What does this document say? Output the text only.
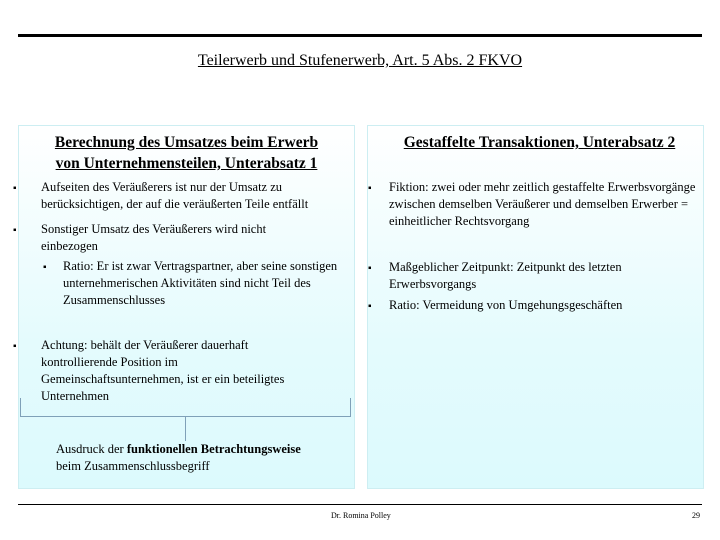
Teilerwerb und Stufenerwerb, Art. 5 Abs. 2 FKVO
Berechnung des Umsatzes beim Erwerb
von Unternehmensteilen, Unterabsatz 1
▪ Aufseiten des Veräußerers ist nur der Umsatz zu berücksichtigen, der auf die veräußerten Teile entfällt
▪ Sonstiger Umsatz des Veräußerers wird nicht einbezogen
▪ Ratio: Er ist zwar Vertragspartner, aber seine sonstigen unternehmerischen Aktivitäten sind nicht Teil des Zusammenschlusses
▪ Achtung: behält der Veräußerer dauerhaft kontrollierende Position im Gemeinschaftsunternehmen, ist er ein beteiligtes Unternehmen
Ausdruck der funktionellen Betrachtungsweise
beim Zusammenschlussbegriff
Gestaffelte Transaktionen, Unterabsatz 2
▪ Fiktion: zwei oder mehr zeitlich gestaffelte Erwerbsvorgänge zwischen demselben Veräußerer und demselben Erwerber = einheitlicher Rechtsvorgang
▪ Maßgeblicher Zeitpunkt: Zeitpunkt des letzten Erwerbsvorgangs
▪ Ratio: Vermeidung von Umgehungsgeschäften
Dr. Romina Polley	29
